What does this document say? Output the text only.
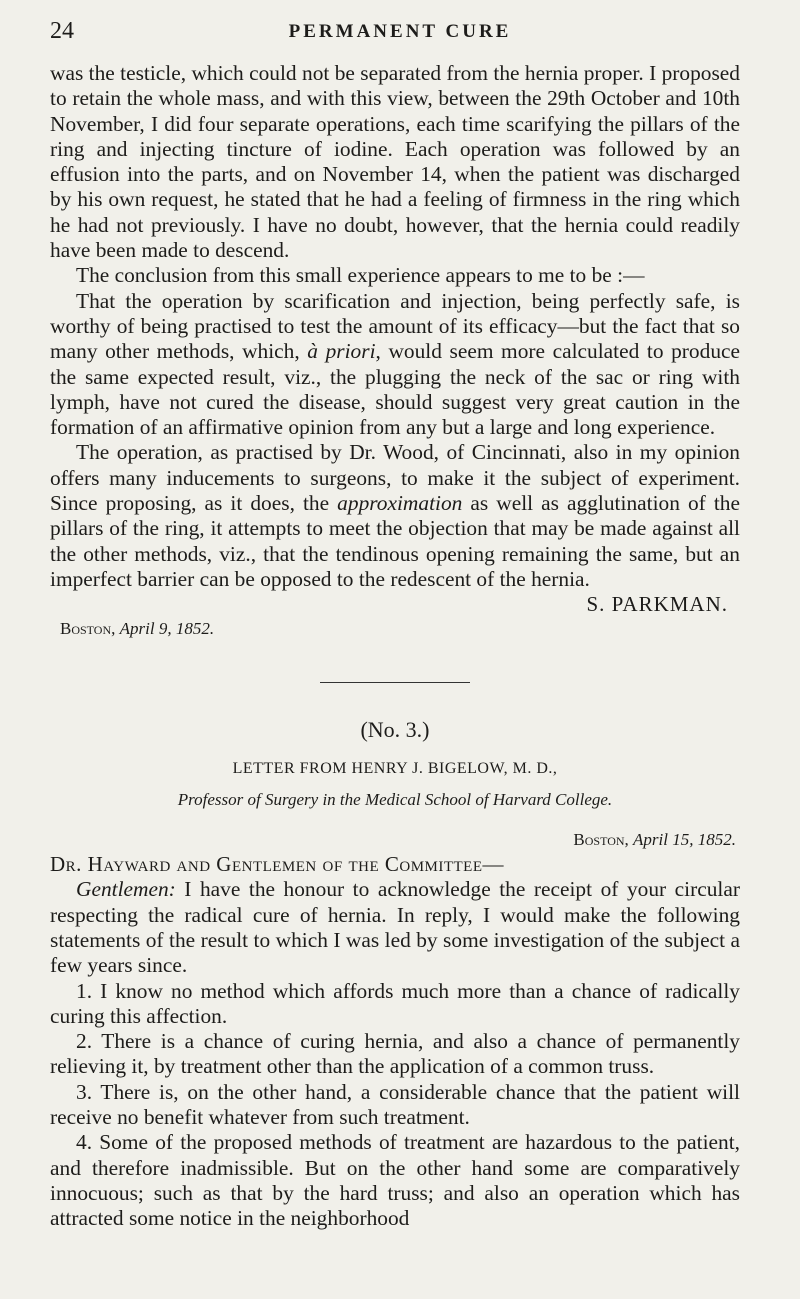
24	PERMANENT CURE

was the testicle, which could not be separated from the hernia proper. I proposed to retain the whole mass, and with this view, between the 29th October and 10th November, I did four separate operations, each time scarifying the pillars of the ring and injecting tincture of iodine. Each operation was followed by an effusion into the parts, and on November 14, when the patient was discharged by his own request, he stated that he had a feeling of firmness in the ring which he had not previously. I have no doubt, however, that the hernia could readily have been made to descend.

The conclusion from this small experience appears to me to be :—

That the operation by scarification and injection, being perfectly safe, is worthy of being practised to test the amount of its efficacy—but the fact that so many other methods, which, à priori, would seem more calculated to produce the same expected result, viz., the plugging the neck of the sac or ring with lymph, have not cured the disease, should suggest very great caution in the formation of an affirmative opinion from any but a large and long experience.

The operation, as practised by Dr. Wood, of Cincinnati, also in my opinion offers many inducements to surgeons, to make it the subject of experiment. Since proposing, as it does, the approximation as well as agglutination of the pillars of the ring, it attempts to meet the objection that may be made against all the other methods, viz., that the tendinous opening remaining the same, but an imperfect barrier can be opposed to the redescent of the hernia.

S. PARKMAN.
Boston, April 9, 1852.
(No. 3.)
LETTER FROM HENRY J. BIGELOW, M. D.,
Professor of Surgery in the Medical School of Harvard College.
Boston, April 15, 1852.
Dr. Hayward and Gentlemen of the Committee—

Gentlemen: I have the honour to acknowledge the receipt of your circular respecting the radical cure of hernia. In reply, I would make the following statements of the result to which I was led by some investigation of the subject a few years since.

1. I know no method which affords much more than a chance of radically curing this affection.

2. There is a chance of curing hernia, and also a chance of permanently relieving it, by treatment other than the application of a common truss.

3. There is, on the other hand, a considerable chance that the patient will receive no benefit whatever from such treatment.

4. Some of the proposed methods of treatment are hazardous to the patient, and therefore inadmissible. But on the other hand some are comparatively innocuous; such as that by the hard truss; and also an operation which has attracted some notice in the neighborhood
